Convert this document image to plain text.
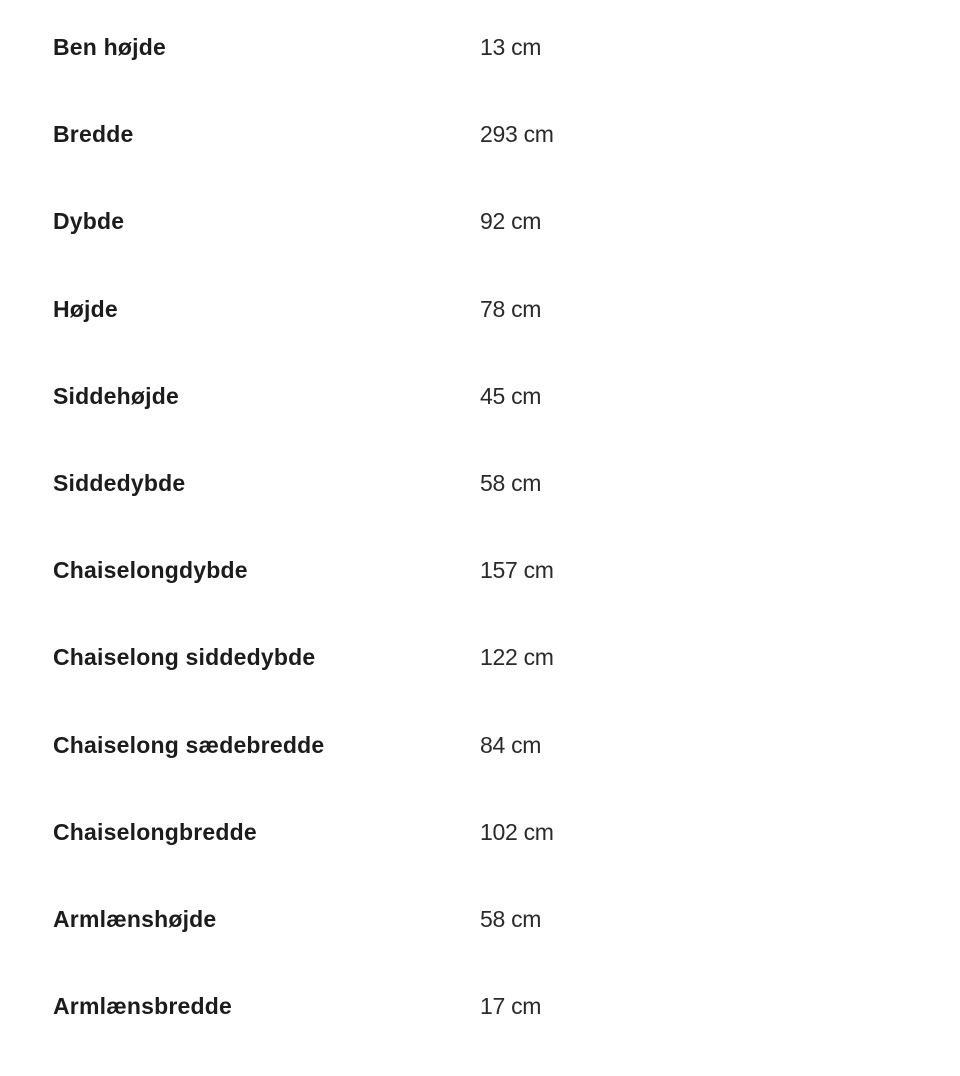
Ben højde	13 cm
Bredde	293 cm
Dybde	92 cm
Højde	78 cm
Siddehøjde	45 cm
Siddedybde	58 cm
Chaiselongdybde	157 cm
Chaiselong siddedybde	122 cm
Chaiselong sædebredde	84 cm
Chaiselongbredde	102 cm
Armlænshøjde	58 cm
Armlænsbredde	17 cm
